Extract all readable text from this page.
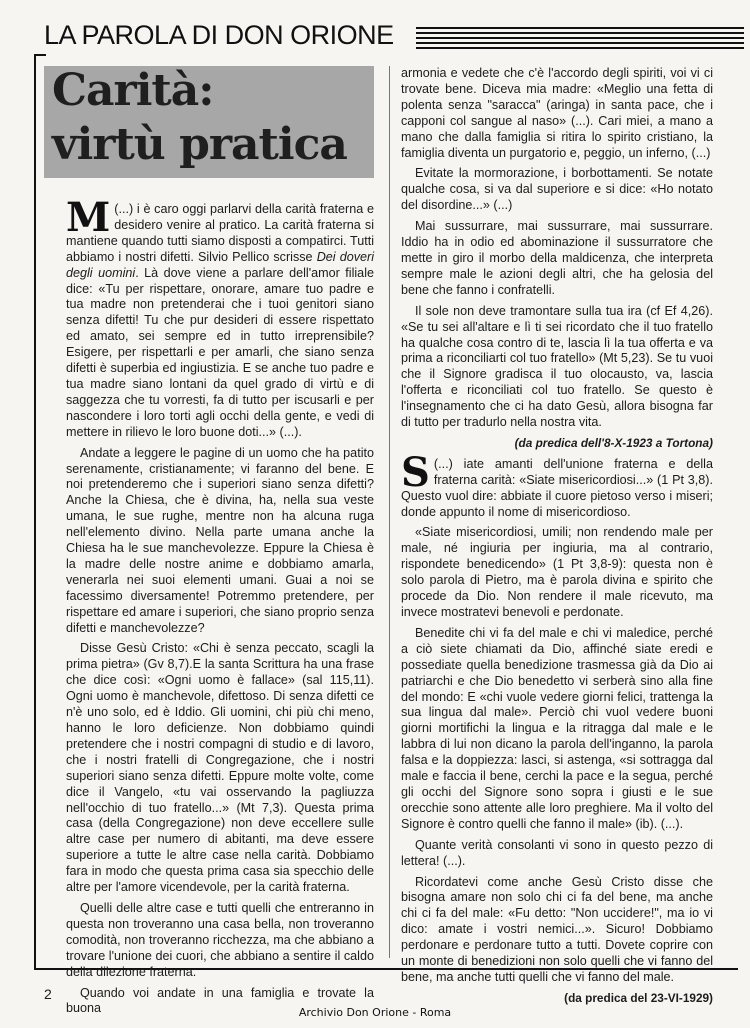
LA PAROLA DI DON ORIONE
Carità:
virtù pratica

M (...) i è caro oggi parlarvi della carità fraterna e desidero venire al pratico. La carità fraterna si mantiene quando tutti siamo disposti a compatirci. Tutti abbiamo i nostri difetti. Silvio Pellico scrisse Dei doveri degli uomini. Là dove viene a parlare dell'amor filiale dice: «Tu per rispettare, onorare, amare tuo padre e tua madre non pretenderai che i tuoi genitori siano senza difetti! Tu che pur desideri di essere rispettato ed amato, sei sempre ed in tutto irreprensibile? Esigere, per rispettarli e per amarli, che siano senza difetti è superbia ed ingiustizia. E se anche tuo padre e tua madre siano lontani da quel grado di virtù e di saggezza che tu vorresti, fa di tutto per iscusarli e per nascondere i loro torti agli occhi della gente, e vedi di mettere in rilievo le loro buone doti...» (...).

Andate a leggere le pagine di un uomo che ha patito serenamente, cristianamente; vi faranno del bene. E noi pretenderemo che i superiori siano senza difetti? Anche la Chiesa, che è divina, ha, nella sua veste umana, le sue rughe, mentre non ha alcuna ruga nell'elemento divino. Nella parte umana anche la Chiesa ha le sue manchevolezze. Eppure la Chiesa è la madre delle nostre anime e dobbiamo amarla, venerarla nei suoi elementi umani. Guai a noi se facessimo diversamente! Potremmo pretendere, per rispettare ed amare i superiori, che siano proprio senza difetti e manchevolezze?

Disse Gesù Cristo: «Chi è senza peccato, scagli la prima pietra» (Gv 8,7).E la santa Scrittura ha una frase che dice così: «Ogni uomo è fallace» (sal 115,11). Ogni uomo è manchevole, difettoso. Di senza difetti ce n'è uno solo, ed è Iddio. Gli uomini, chi più chi meno, hanno le loro deficienze. Non dobbiamo quindi pretendere che i nostri compagni di studio e di lavoro, che i nostri fratelli di Congregazione, che i nostri superiori siano senza difetti. Eppure molte volte, come dice il Vangelo, «tu vai osservando la pagliuzza nell'occhio di tuo fratello...» (Mt 7,3). Questa prima casa (della Congregazione) non deve eccellere sulle altre case per numero di abitanti, ma deve essere superiore a tutte le altre case nella carità. Dobbiamo fara in modo che questa prima casa sia specchio delle altre per l'amore vicendevole, per la carità fraterna.

Quelli delle altre case e tutti quelli che entreranno in questa non troveranno una casa bella, non troveranno comodità, non troveranno ricchezza, ma che abbiano a trovare l'unione dei cuori, che abbiano a sentire il caldo della dilezione fraterna.

Quando voi andate in una famiglia e trovate la buona

armonia e vedete che c'è l'accordo degli spiriti, voi vi ci trovate bene. Diceva mia madre: «Meglio una fetta di polenta senza "saracca" (aringa) in santa pace, che i capponi col sangue al naso» (...). Cari miei, a mano a mano che dalla famiglia si ritira lo spirito cristiano, la famiglia diventa un purgatorio e, peggio, un inferno, (...)

Evitate la mormorazione, i borbottamenti. Se notate qualche cosa, si va dal superiore e si dice: «Ho notato del disordine...» (...)

Mai sussurrare, mai sussurrare, mai sussurrare. Iddio ha in odio ed abominazione il sussurratore che mette in giro il morbo della maldicenza, che interpreta sempre male le azioni degli altri, che ha gelosia del bene che fanno i confratelli.

Il sole non deve tramontare sulla tua ira (cf Ef 4,26). «Se tu sei all'altare e lì ti sei ricordato che il tuo fratello ha qualche cosa contro di te, lascia lì la tua offerta e va prima a riconciliarti col tuo fratello» (Mt 5,23). Se tu vuoi che il Signore gradisca il tuo olocausto, va, lascia l'offerta e riconciliati col tuo fratello. Se questo è l'insegnamento che ci ha dato Gesù, allora bisogna far di tutto per tradurlo nella nostra vita.

(da predica dell'8-X-1923 a Tortona)

S (...) iate amanti dell'unione fraterna e della fraterna carità: «Siate misericordiosi...» (1 Pt 3,8). Questo vuol dire: abbiate il cuore pietoso verso i miseri; donde appunto il nome di misericordioso.

«Siate misericordiosi, umili; non rendendo male per male, né ingiuria per ingiuria, ma al contrario, rispondete benedicendo» (1 Pt 3,8-9): questa non è solo parola di Pietro, ma è parola divina e spirito che procede da Dio. Non rendere il male ricevuto, ma invece mostratevi benevoli e perdonate.

Benedite chi vi fa del male e chi vi maledice, perché a ciò siete chiamati da Dio, affinché siate eredi e possediate quella benedizione trasmessa già da Dio ai patriarchi e che Dio benedetto vi serberà sino alla fine del mondo: E «chi vuole vedere giorni felici, trattenga la sua lingua dal male». Perciò chi vuol vedere buoni giorni mortifichi la lingua e la ritragga dal male e le labbra di lui non dicano la parola dell'inganno, la parola falsa e la doppiezza: lasci, si astenga, «si sottragga dal male e faccia il bene, cerchi la pace e la segua, perché gli occhi del Signore sono sopra i giusti e le sue orecchie sono attente alle loro preghiere. Ma il volto del Signore è contro quelli che fanno il male» (ib). (...).

Quante verità consolanti vi sono in questo pezzo di lettera! (...).

Ricordatevi come anche Gesù Cristo disse che bisogna amare non solo chi ci fa del bene, ma anche chi ci fa del male: «Fu detto: "Non uccidere!", ma io vi dico: amate i vostri nemici...». Sicuro! Dobbiamo perdonare e perdonare tutto a tutti. Dovete coprire con un monte di benedizioni non solo quelli che vi fanno del bene, ma anche tutti quelli che vi fanno del male.

(da predica del 23-VI-1929)

2
Archivio Don Orione - Roma
